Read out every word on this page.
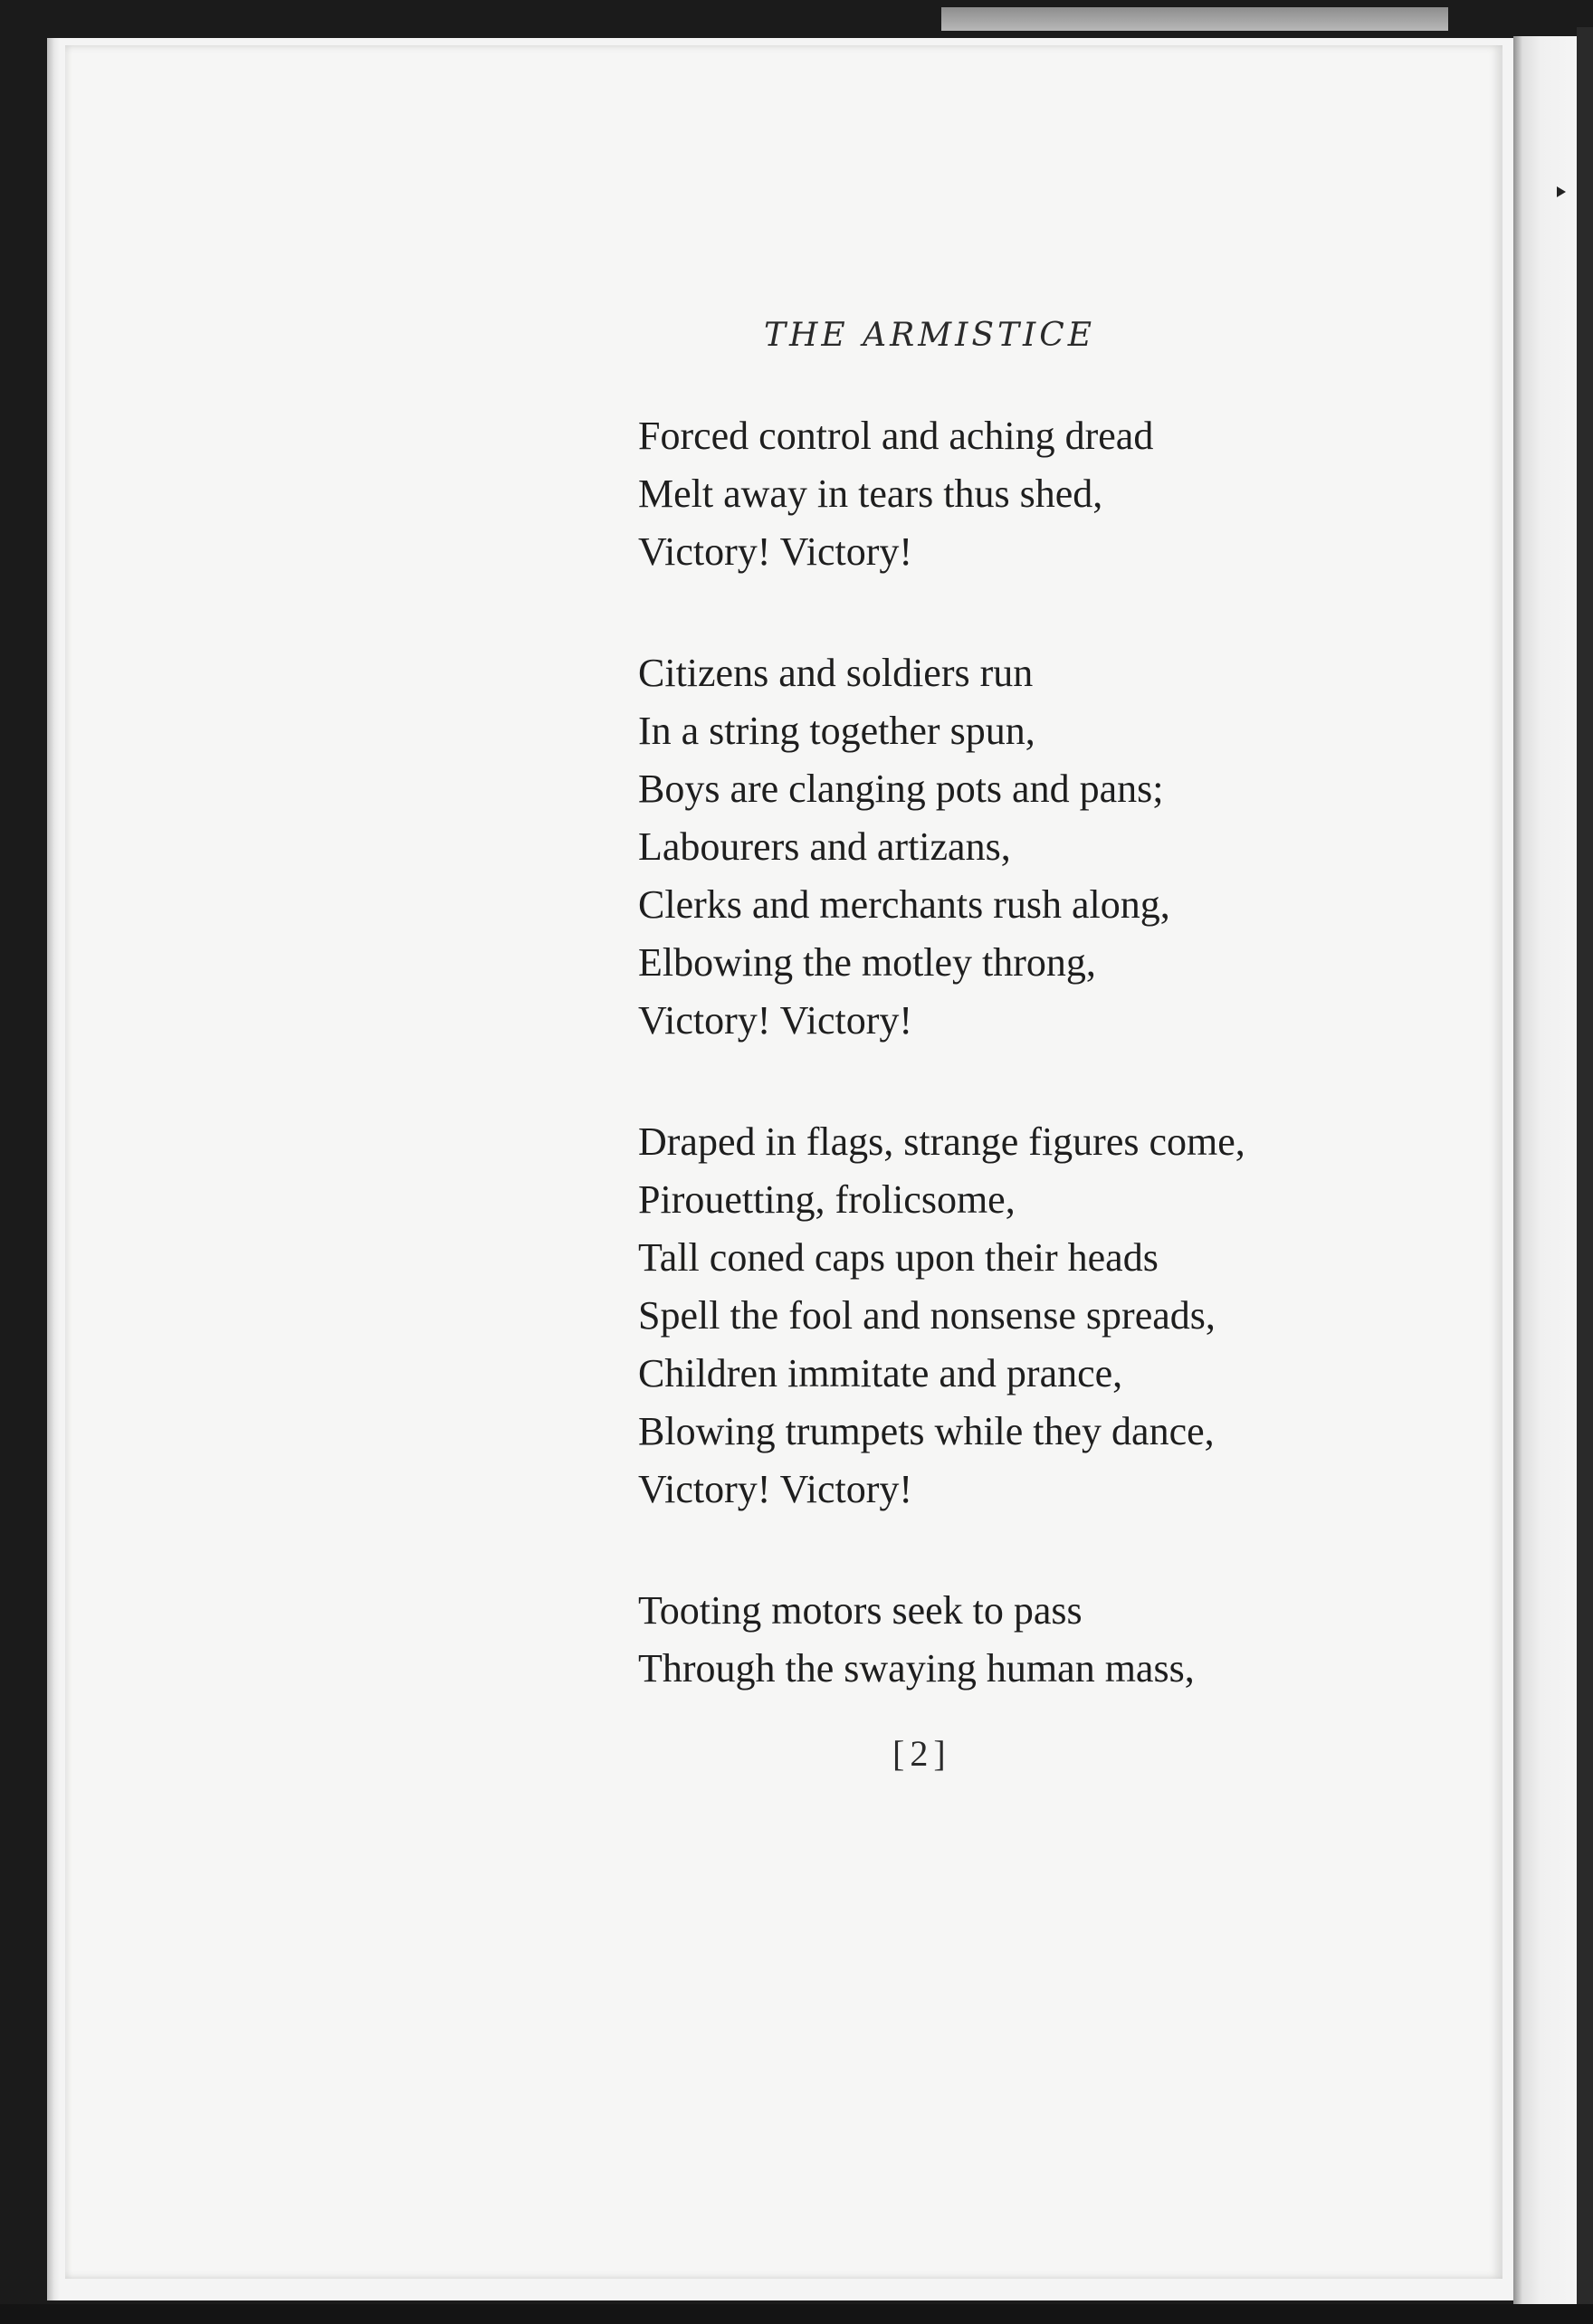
THE ARMISTICE
Forced control and aching dread
Melt away in tears thus shed,
Victory! Victory!
Citizens and soldiers run
In a string together spun,
Boys are clanging pots and pans;
Labourers and artizans,
Clerks and merchants rush along,
Elbowing the motley throng,
Victory! Victory!
Draped in flags, strange figures come,
Pirouetting, frolicsome,
Tall coned caps upon their heads
Spell the fool and nonsense spreads,
Children immitate and prance,
Blowing trumpets while they dance,
Victory! Victory!
Tooting motors seek to pass
Through the swaying human mass,
[2]
